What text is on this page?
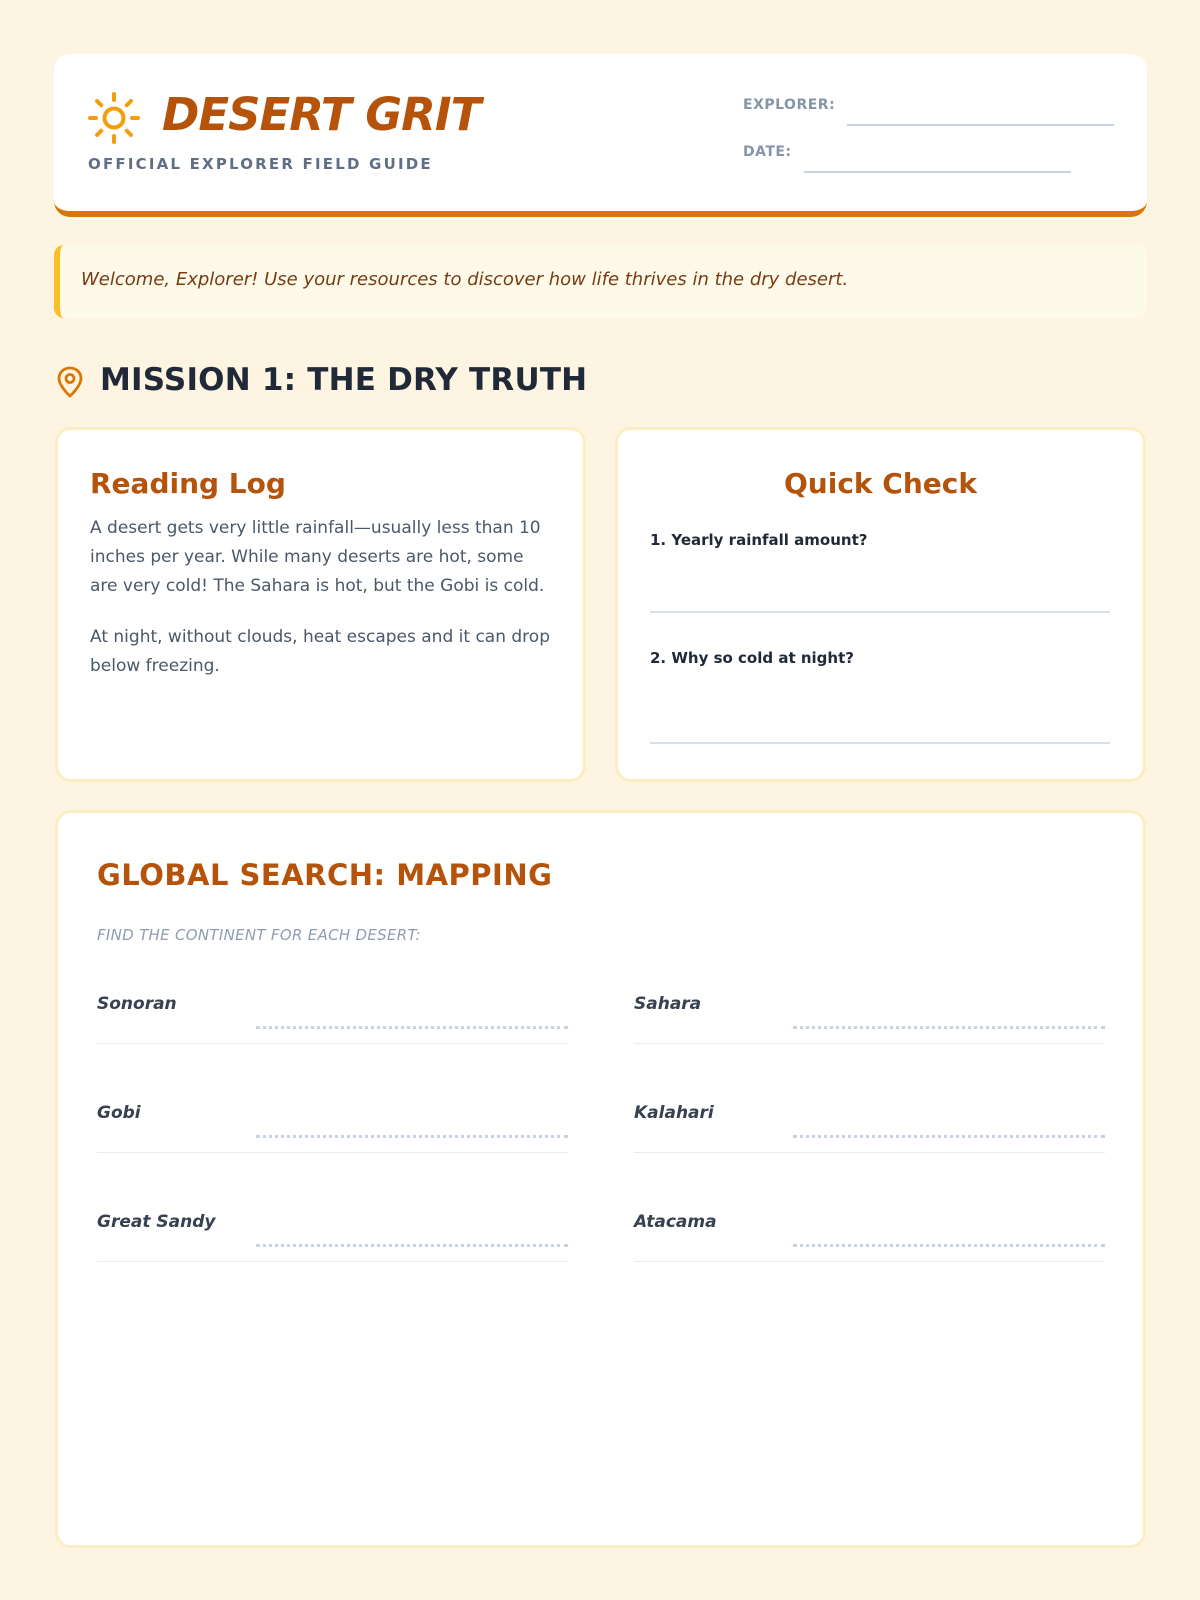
DESERT GRIT
OFFICIAL EXPLORER FIELD GUIDE
EXPLORER:
DATE:
Welcome, Explorer! Use your resources to discover how life thrives in the dry desert.
MISSION 1: THE DRY TRUTH
Reading Log

A desert gets very little rainfall—usually less than 10 inches per year. While many deserts are hot, some are very cold! The Sahara is hot, but the Gobi is cold.

At night, without clouds, heat escapes and it can drop below freezing.

Quick Check
1. Yearly rainfall amount?
2. Why so cold at night?
GLOBAL SEARCH: MAPPING
FIND THE CONTINENT FOR EACH DESERT:
Sonoran	Sahara
Gobi	Kalahari
Great Sandy	Atacama
